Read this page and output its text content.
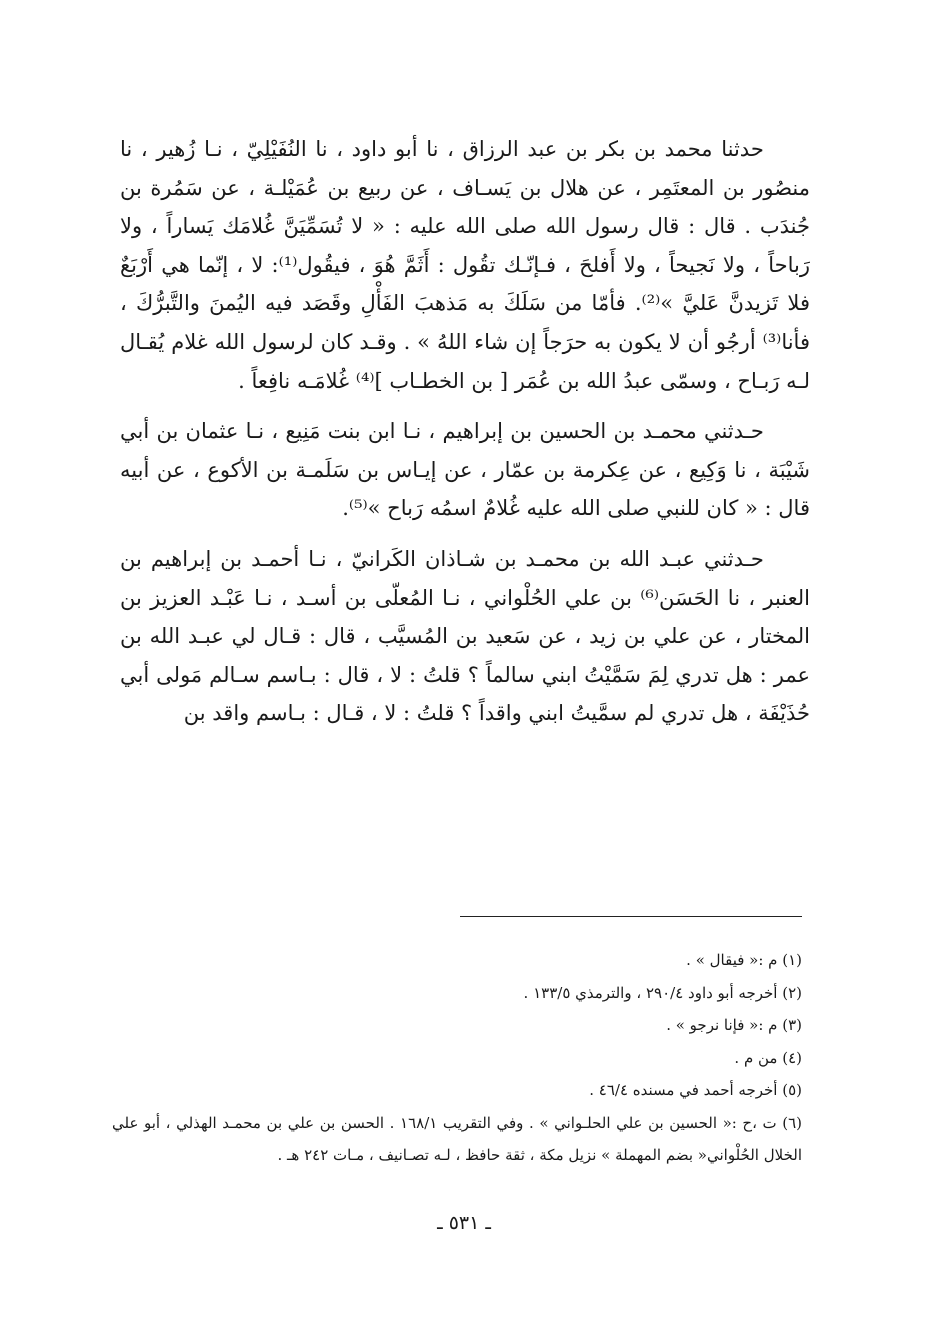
حدثنا محمد بن بكر بن عبد الرزاق ، نا أبو داود ، نا النُفَيْلِيّ ، نـا زُهير ، نا منصُور بن المعتَمِر ، عن هلال بن يَسـاف ، عن ربيع بن عُمَيْلـة ، عن سَمُرة بن جُندَب . قال : قال رسول الله صلى الله عليه : « لا تُسَمِّيَنَّ غُلامَك يَساراً ، ولا رَباحاً ، ولا نَجيحاً ، ولا أَفلحَ ، فـإنّـك تقُول : أَثَمَّ هُوَ ، فيقُول⁽¹⁾: لا ، إنّما هي أَرْبَعٌ فلا تَزيدنَّ عَليَّ »⁽²⁾. فأمّا من سَلَكَ به مَذهبَ الفَأْلِ وقَصَد فيه اليُمنَ والتَّبرُّكَ ، فأنا⁽³⁾ أرجُو أن لا يكون به حرَجاً إن شاء اللهُ » . وقـد كان لرسول الله غلام يُقـال لـه رَبـاح ، وسمّى عبدُ الله بن عُمَر [ بن الخطـاب ]⁽⁴⁾ غُلامَـه نافِعاً .

حـدثني محمـد بن الحسين بن إبراهيم ، نـا ابن بنت مَنِيع ، نـا عثمان بن أبي شَيْبَة ، نا وَكِيع ، عن عِكرمة بن عمّار ، عن إيـاس بن سَلَمـة بن الأكوع ، عن أبيه قال : « كان للنبي صلى الله عليه غُلامٌ اسمُه رَباح »⁽⁵⁾.

حـدثني عبـد الله بن محمـد بن شـاذان الكَرانيّ ، نـا أحمـد بن إبراهيم بن العنبر ، نا الحَسَن⁽⁶⁾ بن علي الحُلْواني ، نـا المُعلّى بن أسـد ، نـا عَبْـد العزيز بن المختار ، عن علي بن زيد ، عن سَعيد بن المُسيَّب ، قال : قـال لي عبـد الله بن عمر : هل تدري لِمَ سَمَّيْتُ ابني سالماً ؟ قلتُ : لا ، قال : بـاسم سـالم مَولى أبي حُذَيْفَة ، هل تدري لم سمَّيتُ ابني واقداً ؟ قلتُ : لا ، قـال : بـاسم واقد بن

(١) م :« فيقال » .
(٢) أخرجه أبو داود ٢٩٠/٤ ، والترمذي ١٣٣/٥ .
(٣) م :« فإنا نرجو » .
(٤) من م .
(٥) أخرجه أحمد في مسنده ٤٦/٤ .
(٦) ت ،ح :« الحسين بن علي الحلـواني » . وفي التقريب ١٦٨/١ . الحسن بن علي بن محمـد الهذلي ، أبو علي الخلال الحُلْواني« بضم المهملة » نزيل مكة ، ثقة حافظ ، لـه تصـانيف ، مـات ٢٤٢ هـ .
ـ ٥٣١ ـ
